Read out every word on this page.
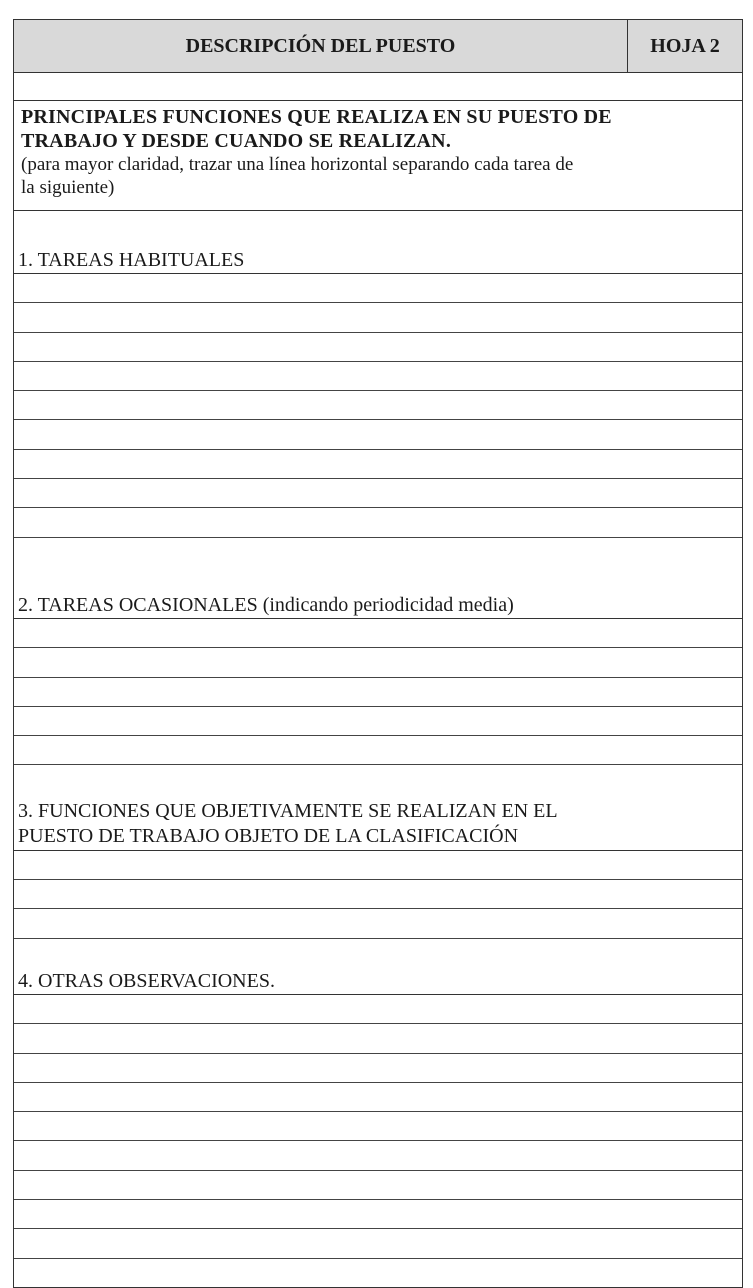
DESCRIPCIÓN DEL PUESTO	HOJA 2
PRINCIPALES FUNCIONES QUE REALIZA EN SU PUESTO DE
TRABAJO Y DESDE CUANDO SE REALIZAN.
(para mayor claridad, trazar una línea horizontal separando cada tarea de
la siguiente)
1. TAREAS HABITUALES
2. TAREAS OCASIONALES (indicando periodicidad media)
3. FUNCIONES QUE OBJETIVAMENTE SE REALIZAN EN EL
PUESTO DE TRABAJO OBJETO DE LA CLASIFICACIÓN
4. OTRAS OBSERVACIONES.
